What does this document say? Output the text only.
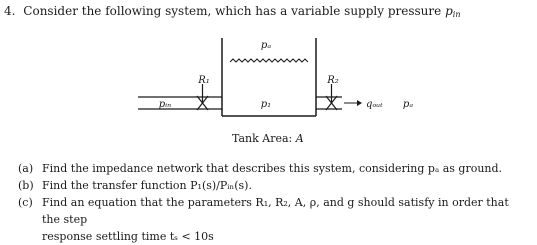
4. Consider the following system, which has a variable supply pressure $p_{in}$
pₐ
R₁	R₂
pᵢₙ	p₁	qₒᵤₜ pₐ
Tank Area: A
(a) Find the impedance network that describes this system, considering pₐ as ground.
(b) Find the transfer function P₁(s)/Pᵢₙ(s).
(c) Find an equation that the parameters R₁, R₂, A, ρ, and g should satisfy in order that the step
response settling time tₛ < 10s
